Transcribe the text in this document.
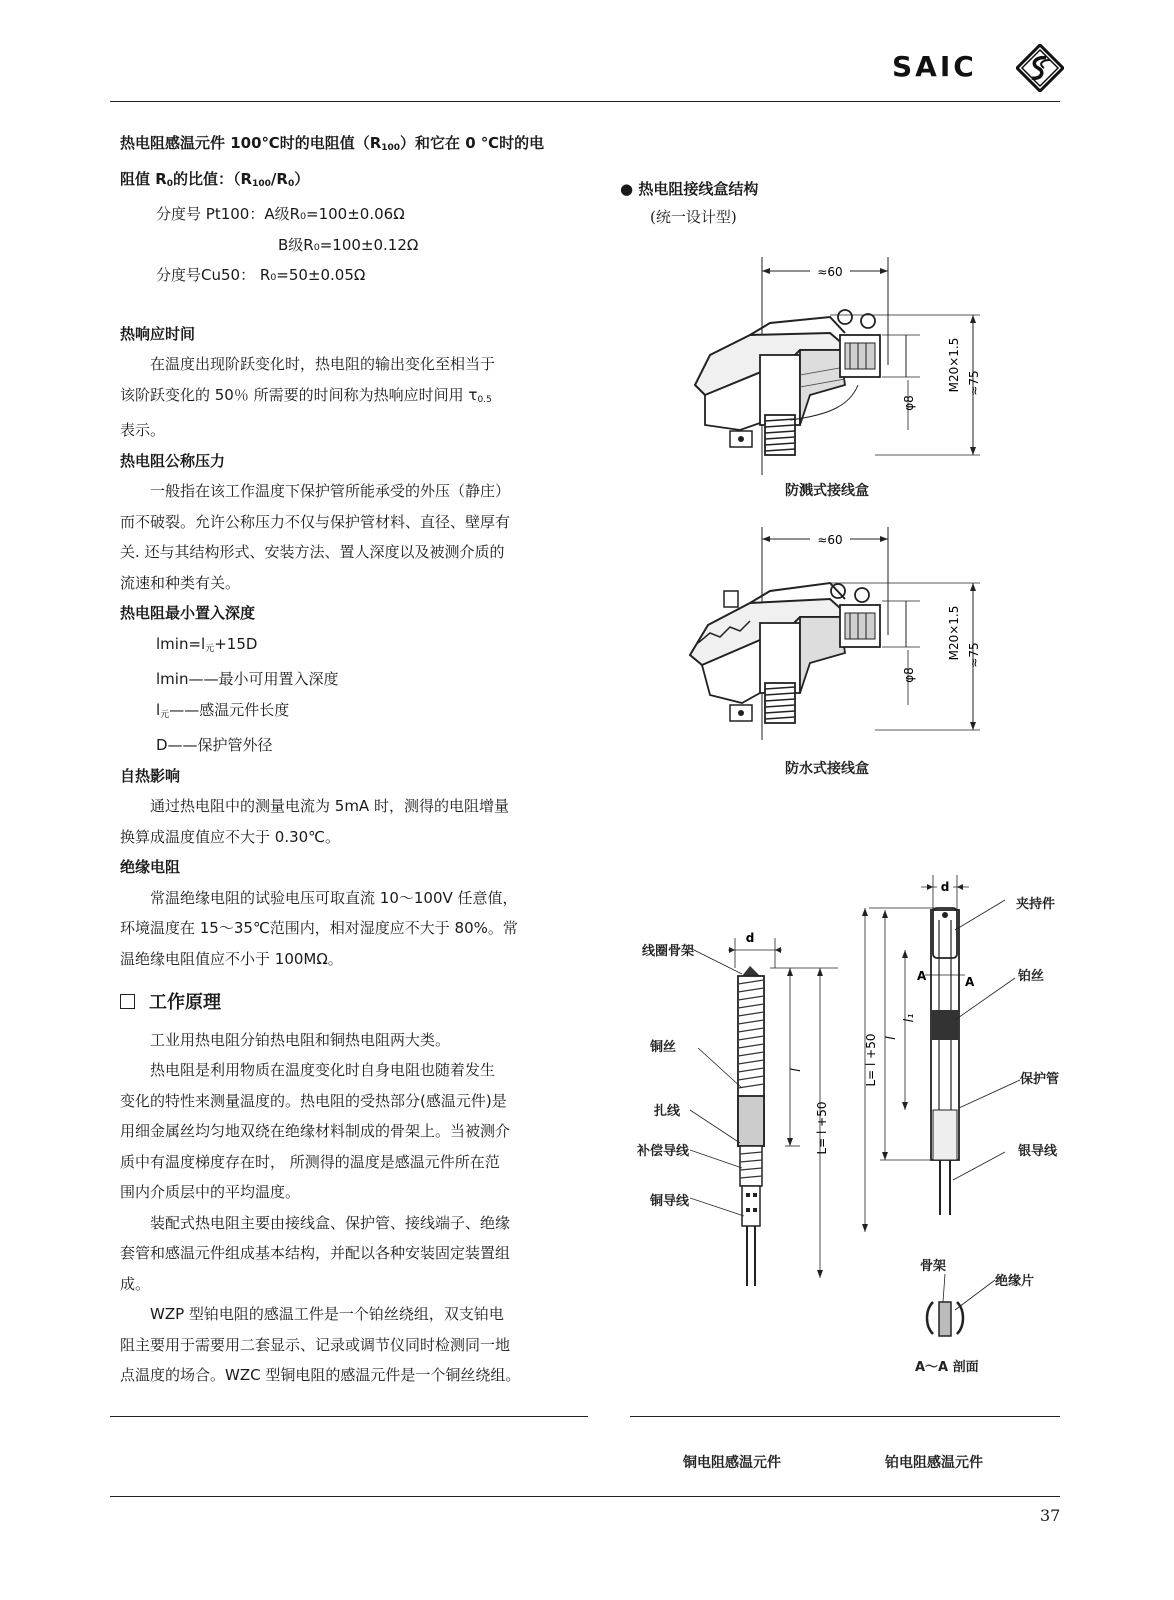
SAIC
热电阻感温元件 100℃时的电阻值$(R_{100})$和它在 0 ℃时的电
阻值 $R_0$的比值：$(R_{100}/R_0)$
分度号 Pt100：A级R₀=100±0.06Ω
B级R₀=100±0.12Ω
分度号Cu50： R₀=50±0.05Ω
热响应时间
在温度出现阶跃变化时，热电阻的输出变化至相当于
该阶跃变化的 50％ 所需要的时间称为热响应时间用 $\tau_{0.5}$
表示。
热电阻公称压力
一般指在该工作温度下保护管所能承受的外压（静庄）
而不破裂。允许公称压力不仅与保护管材料、直径、壁厚有
关. 还与其结构形式、安装方法、置人深度以及被测介质的
流速和种类有关。
热电阻最小置入深度
$lmin=l_元+15D$
lmin——最小可用置入深度
$l_元——$感温元件长度
D——保护管外径
自热影响
通过热电阻中的测量电流为 5mA 时，测得的电阻增量
换算成温度值应不大于 0.30℃。
绝缘电阻
常温绝缘电阻的试验电压可取直流 10～100V 任意值，
环境温度在 15～35℃范围内，相对湿度应不大于 80%。常
温绝缘电阻值应不小于 100MΩ。
工作原理
工业用热电阻分铂热电阻和铜热电阻两大类。
热电阻是利用物质在温度变化时自身电阻也随着发生
变化的特性来测量温度的。热电阻的受热部分(感温元件)是
用细金属丝均匀地双绕在绝缘材料制成的骨架上。当被测介
质中有温度梯度存在时， 所测得的温度是感温元件所在范
围内介质层中的平均温度。
装配式热电阻主要由接线盒、保护管、接线端子、绝缘
套管和感温元件组成基本结构，并配以各种安装固定装置组
成。
WZP 型铂电阻的感温工件是一个铂丝绕组，双支铂电
阻主要用于需要用二套显示、记录或调节仪同时检测同一地
点温度的场合。WZC 型铜电阻的感温元件是一个铜丝绕组。
● 热电阻接线盒结构
(统一设计型)
≈60
φ8
M20×1.5 ≈75
防溅式接线盒
≈60
φ8
M20×1.5 ≈75
防水式接线盒
d
l
L= l +50
线圈骨架
铜丝
扎线
补偿导线
铜导线
d
A	A
L= l +50 l
l₁
夹持件
铂丝
保护管
银导线
骨架
绝缘片
A～A 剖面
铜电阻感温元件	铂电阻感温元件
37
